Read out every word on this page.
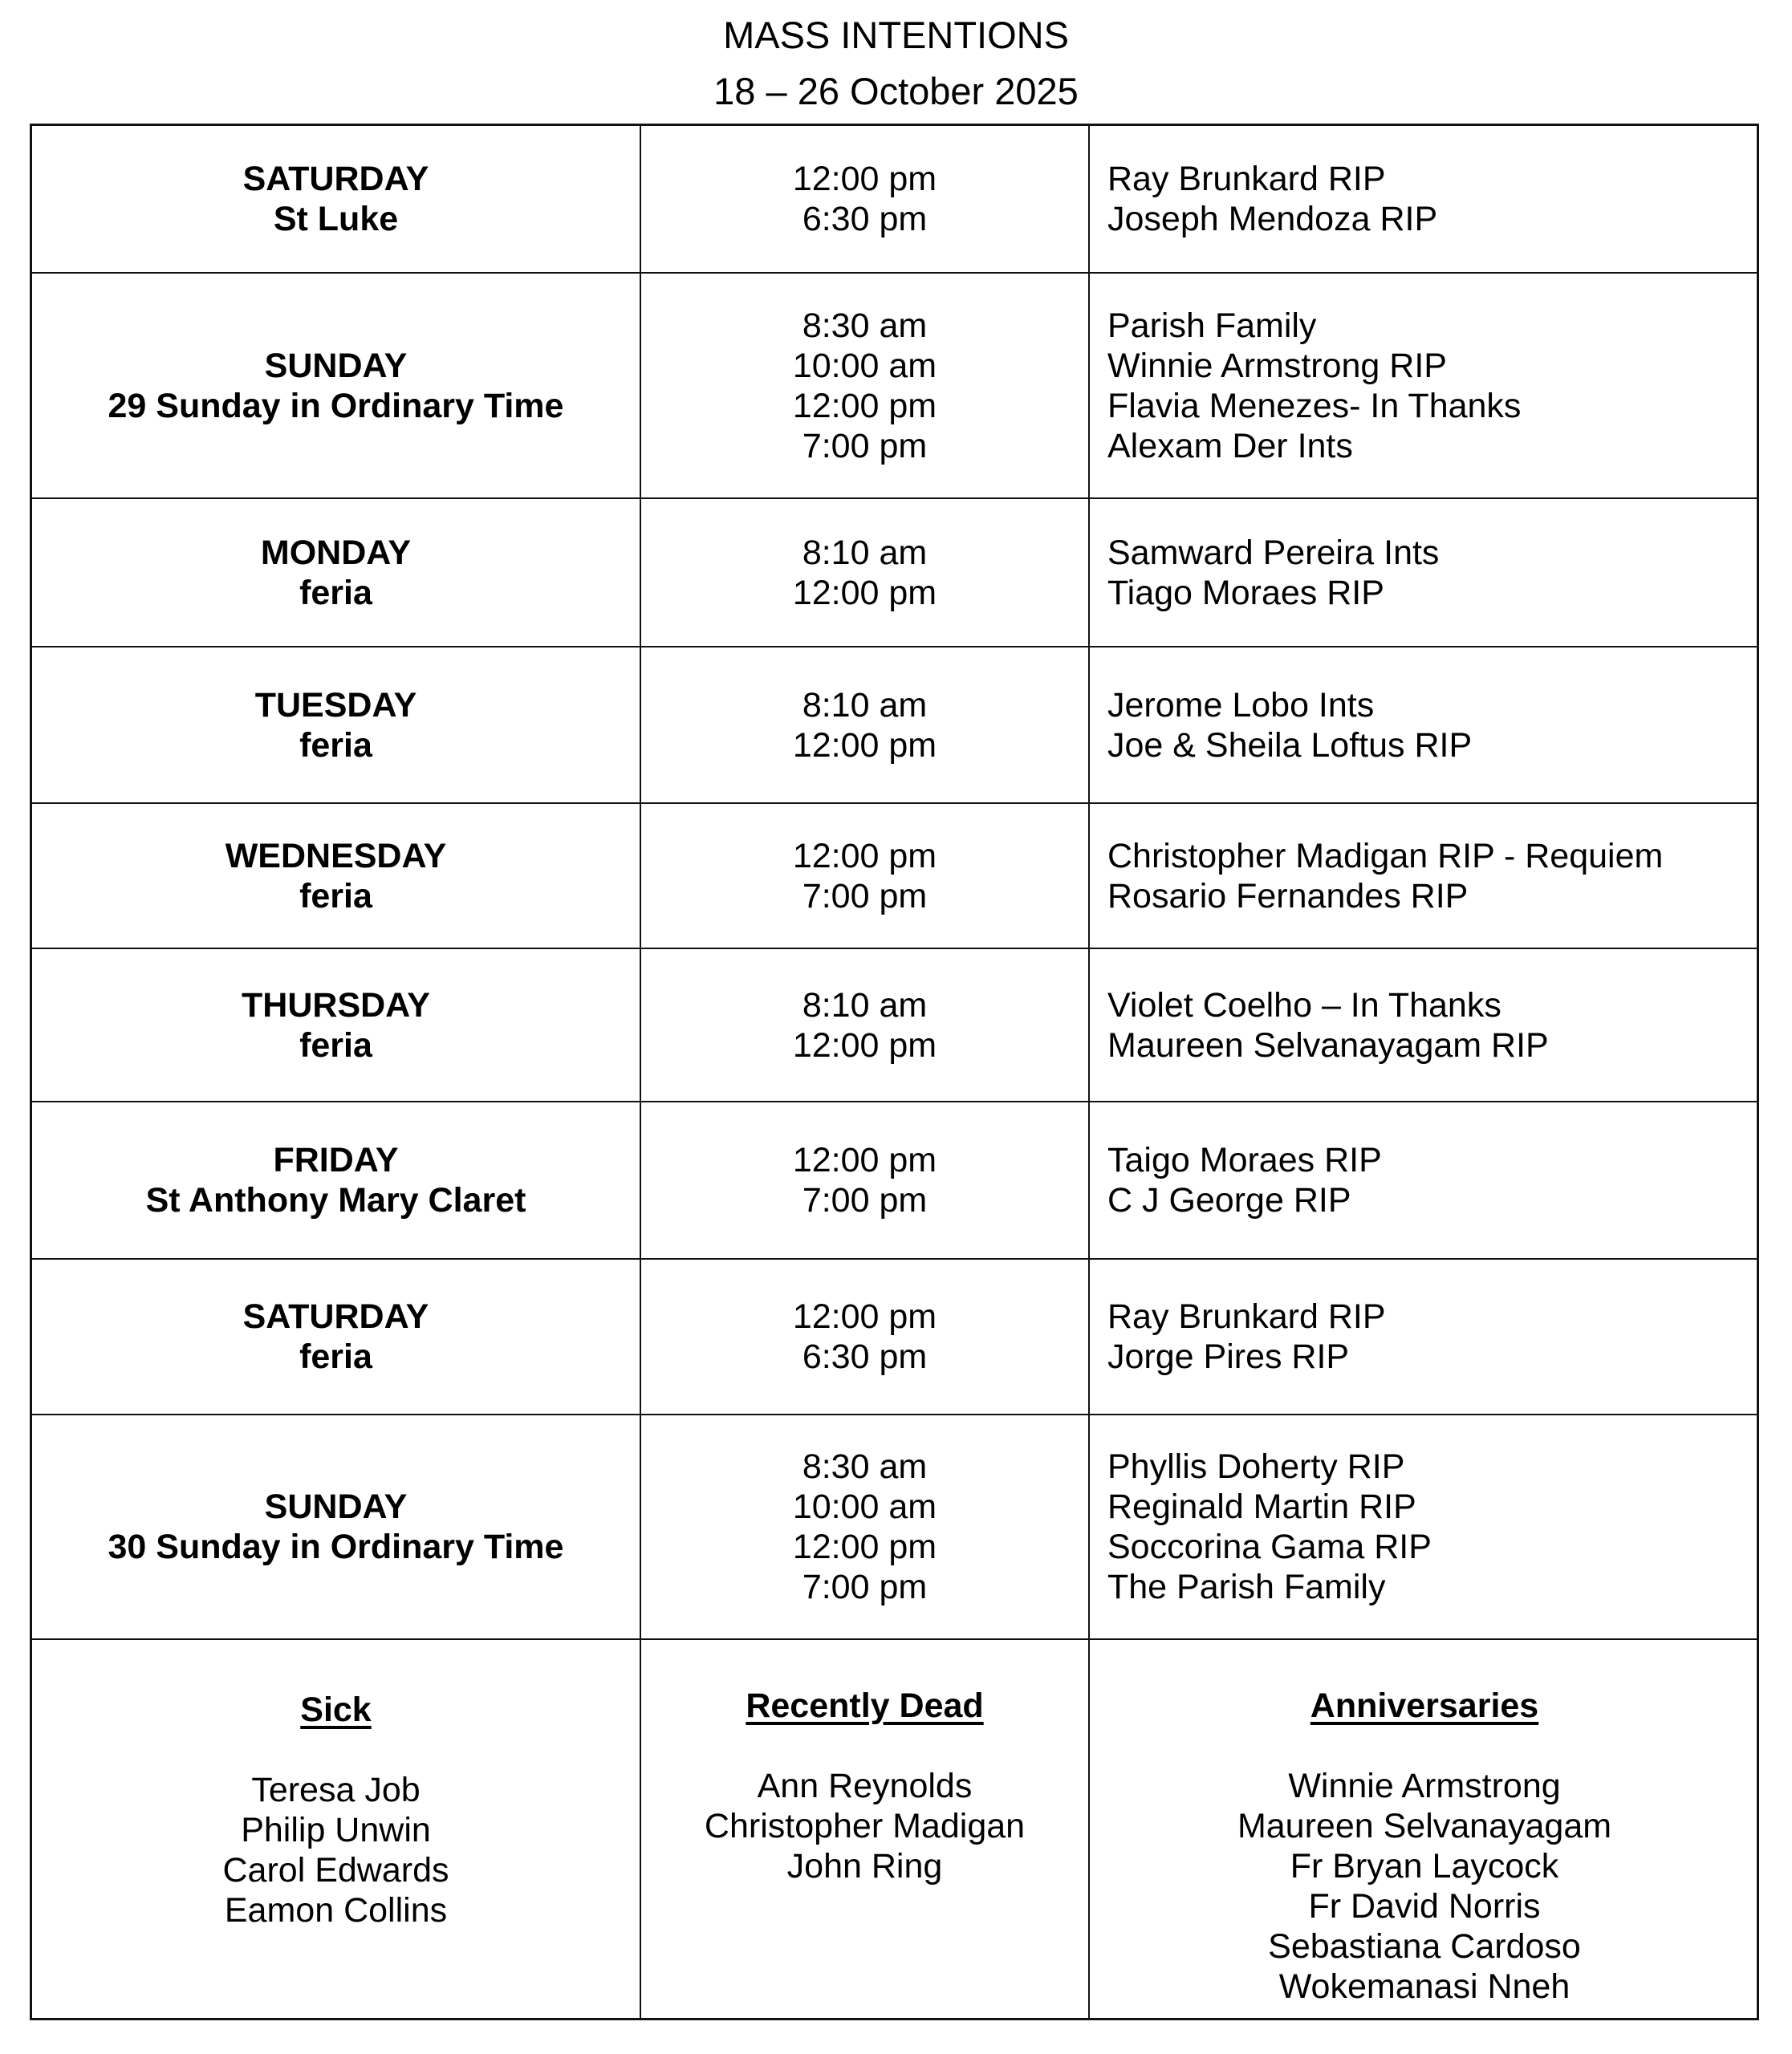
MASS INTENTIONS
18 – 26 October 2025
SATURDAY
St Luke
12:00 pm
6:30 pm
Ray Brunkard RIP
Joseph Mendoza RIP
SUNDAY
29 Sunday in Ordinary Time
8:30 am
10:00 am
12:00 pm
7:00 pm
Parish Family
Winnie Armstrong RIP
Flavia Menezes- In Thanks
Alexam Der Ints
MONDAY
feria
8:10 am
12:00 pm
Samward Pereira Ints
Tiago Moraes RIP
TUESDAY
feria
8:10 am
12:00 pm
Jerome Lobo Ints
Joe & Sheila Loftus RIP
WEDNESDAY
feria
12:00 pm
7:00 pm
Christopher Madigan RIP - Requiem
Rosario Fernandes RIP
THURSDAY
feria
8:10 am
12:00 pm
Violet Coelho – In Thanks
Maureen Selvanayagam RIP
FRIDAY
St Anthony Mary Claret
12:00 pm
7:00 pm
Taigo Moraes RIP
C J George RIP
SATURDAY
feria
12:00 pm
6:30 pm
Ray Brunkard RIP
Jorge Pires RIP
SUNDAY
30 Sunday in Ordinary Time
8:30 am
10:00 am
12:00 pm
7:00 pm
Phyllis Doherty RIP
Reginald Martin RIP
Soccorina Gama RIP
The Parish Family
Sick
Teresa Job
Philip Unwin
Carol Edwards
Eamon Collins
Recently Dead
Ann Reynolds
Christopher Madigan
John Ring
Anniversaries
Winnie Armstrong
Maureen Selvanayagam
Fr Bryan Laycock
Fr David Norris
Sebastiana Cardoso
Wokemanasi Nneh
